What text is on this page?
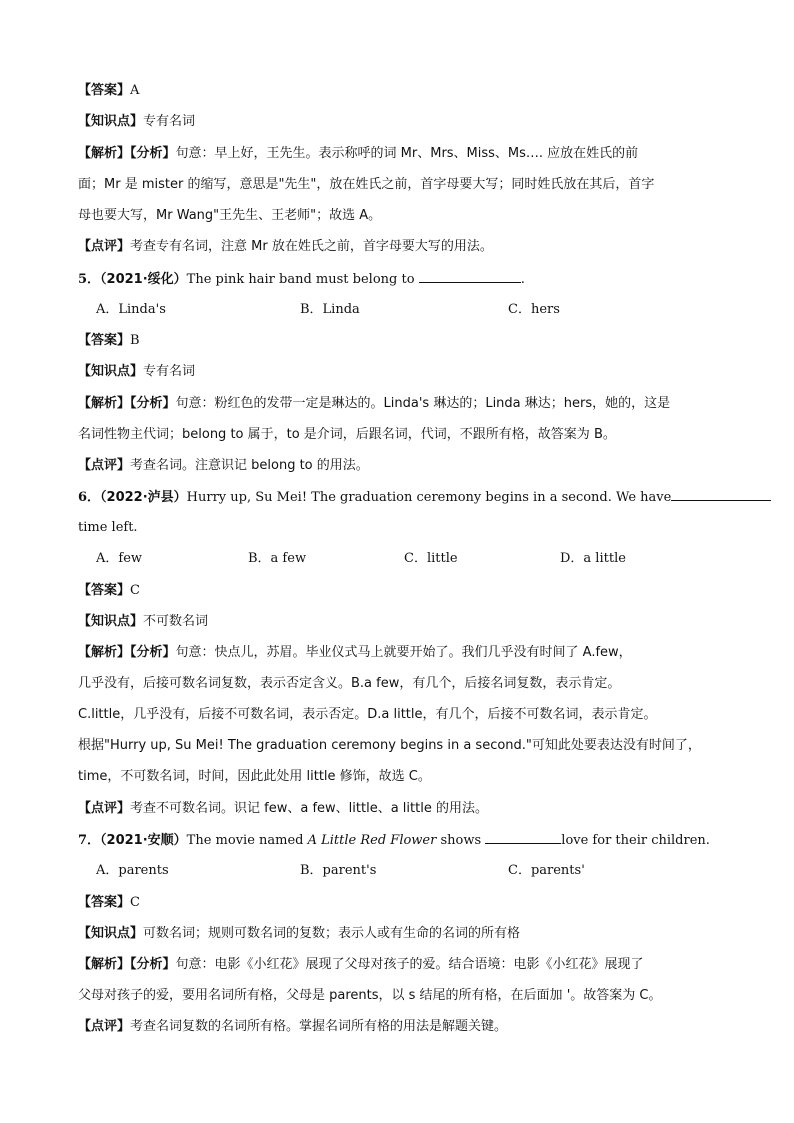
【答案】A
【知识点】专有名词
【解析】【分析】句意：早上好，王先生。表示称呼的词 Mr、Mrs、Miss、Ms…. 应放在姓氏的前
面；Mr 是 mister 的缩写，意思是"先生"，放在姓氏之前，首字母要大写；同时姓氏放在其后，首字
母也要大写，Mr Wang"王先生、王老师"；故选 A。
【点评】考查专有名词，注意 Mr 放在姓氏之前，首字母要大写的用法。
5．（2021·绥化）The pink hair band must belong to	.
A．Linda's	B．Linda	C．hers
【答案】B
【知识点】专有名词
【解析】【分析】句意：粉红色的发带一定是琳达的。Linda's 琳达的；Linda 琳达；hers，她的，这是
名词性物主代词；belong to 属于，to 是介词，后跟名词，代词，不跟所有格，故答案为 B。
【点评】考查名词。注意识记 belong to 的用法。
6．（2022·泸县）Hurry up, Su Mei! The graduation ceremony begins in a second. We have
time left.
A．few	B．a few	C．little	D．a little
【答案】C
【知识点】不可数名词
【解析】【分析】句意：快点儿，苏眉。毕业仪式马上就要开始了。我们几乎没有时间了 A.few，
几乎没有，后接可数名词复数，表示否定含义。B.a few，有几个，后接名词复数，表示肯定。
C.little，几乎没有，后接不可数名词，表示否定。D.a little，有几个，后接不可数名词，表示肯定。
根据"Hurry up, Su Mei! The graduation ceremony begins in a second."可知此处要表达没有时间了，
time，不可数名词，时间，因此此处用 little 修饰，故选 C。
【点评】考查不可数名词。识记 few、a few、little、a little 的用法。
7．（2021·安顺）The movie named A Little Red Flower shows	love for their children.
A．parents	B．parent's	C．parents'
【答案】C
【知识点】可数名词；规则可数名词的复数；表示人或有生命的名词的所有格
【解析】【分析】句意：电影《小红花》展现了父母对孩子的爱。结合语境：电影《小红花》展现了
父母对孩子的爱，要用名词所有格，父母是 parents，以 s 结尾的所有格，在后面加 '。故答案为 C。
【点评】考查名词复数的名词所有格。掌握名词所有格的用法是解题关键。
